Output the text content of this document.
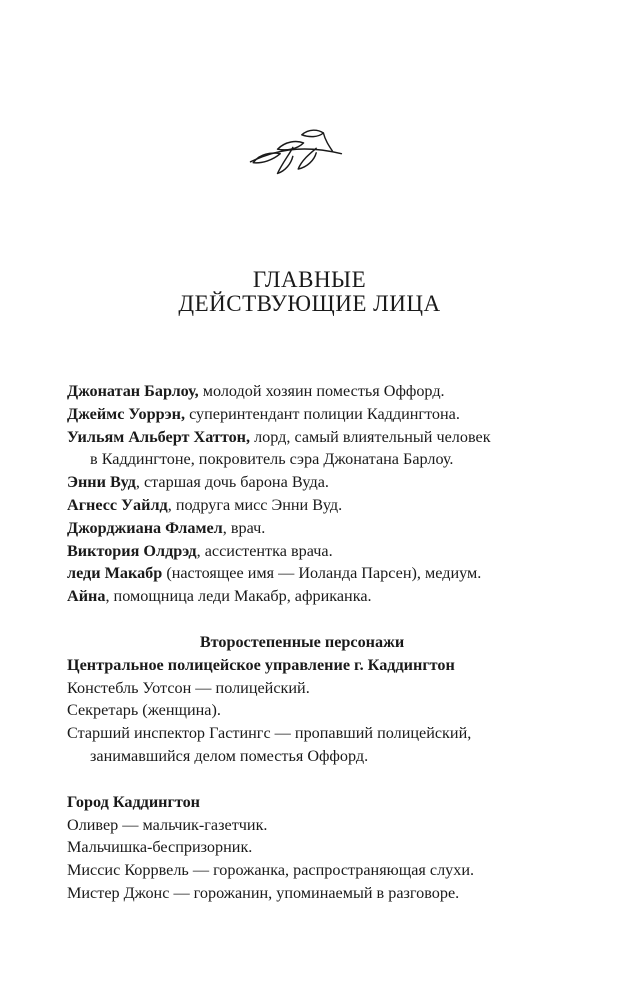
ГЛАВНЫЕ
ДЕЙСТВУЮЩИЕ ЛИЦА
Джонатан Барлоу, молодой хозяин поместья Оффорд.
Джеймс Уоррэн, суперинтендант полиции Каддингтона.
Уильям Альберт Хаттон, лорд, самый влиятельный человек
в Каддингтоне, покровитель сэра Джонатана Барлоу.
Энни Вуд, старшая дочь барона Вуда.
Агнесс Уайлд, подруга мисс Энни Вуд.
Джорджиана Фламел, врач.
Виктория Олдрэд, ассистентка врача.
леди Макабр (настоящее имя — Иоланда Парсен), медиум.
Айна, помощница леди Макабр, африканка.
Второстепенные персонажи
Центральное полицейское управление г. Каддингтон
Констебль Уотсон — полицейский.
Секретарь (женщина).
Старший инспектор Гастингс — пропавший полицейский,
занимавшийся делом поместья Оффорд.
Город Каддингтон
Оливер — мальчик-газетчик.
Мальчишка-беспризорник.
Миссис Коррвель — горожанка, распространяющая слухи.
Мистер Джонс — горожанин, упоминаемый в разговоре.
